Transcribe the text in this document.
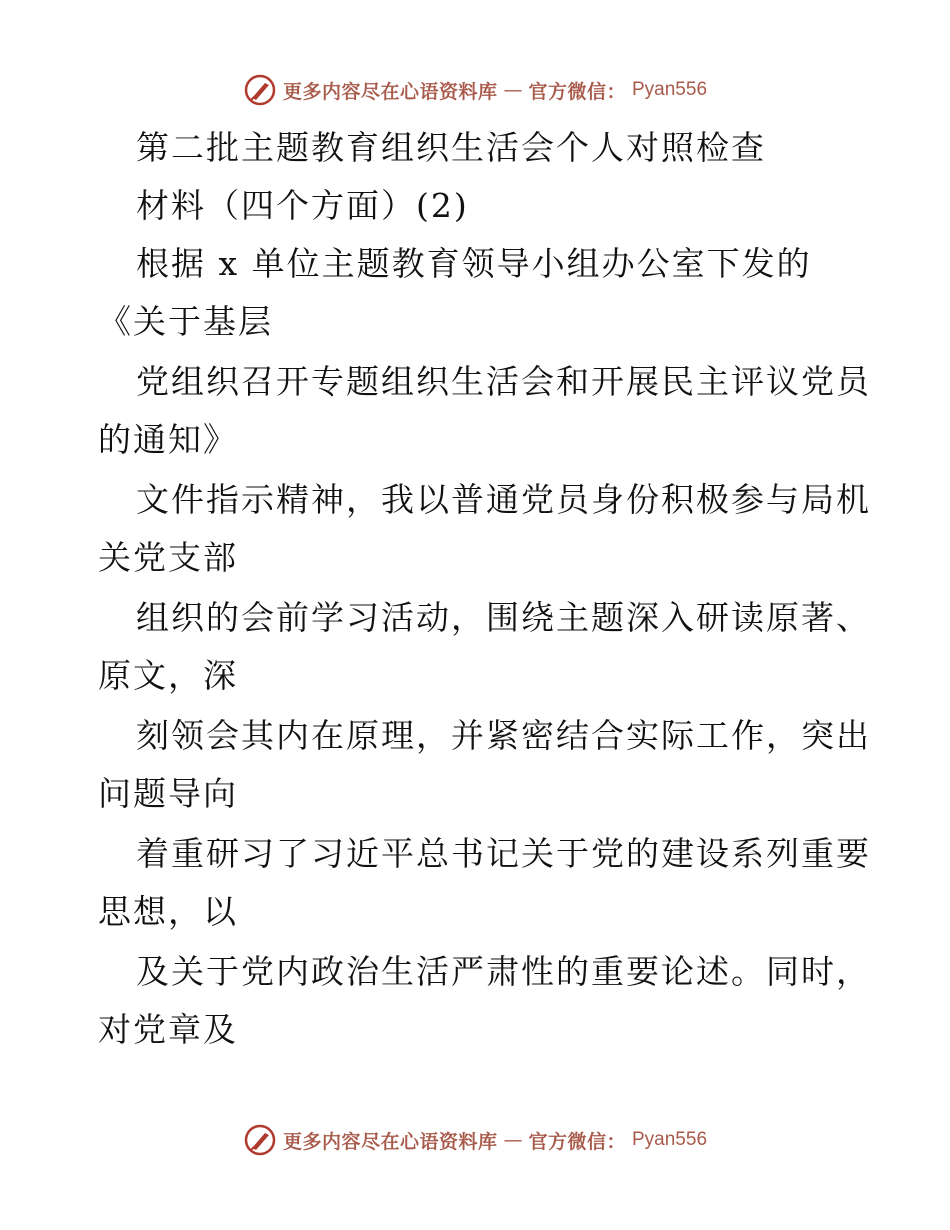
更多内容尽在心语资料库 — 官方微信： Pyan556
第二批主题教育组织生活会个人对照检查
材料（四个方面）(2)
根据 x 单位主题教育领导小组办公室下发的
《关于基层
党组织召开专题组织生活会和开展民主评议党员
的通知》
文件指示精神，我以普通党员身份积极参与局机
关党支部
组织的会前学习活动，围绕主题深入研读原著、
原文，深
刻领会其内在原理，并紧密结合实际工作，突出
问题导向
着重研习了习近平总书记关于党的建设系列重要
思想，以
及关于党内政治生活严肃性的重要论述。同时，
对党章及
更多内容尽在心语资料库 — 官方微信： Pyan556
